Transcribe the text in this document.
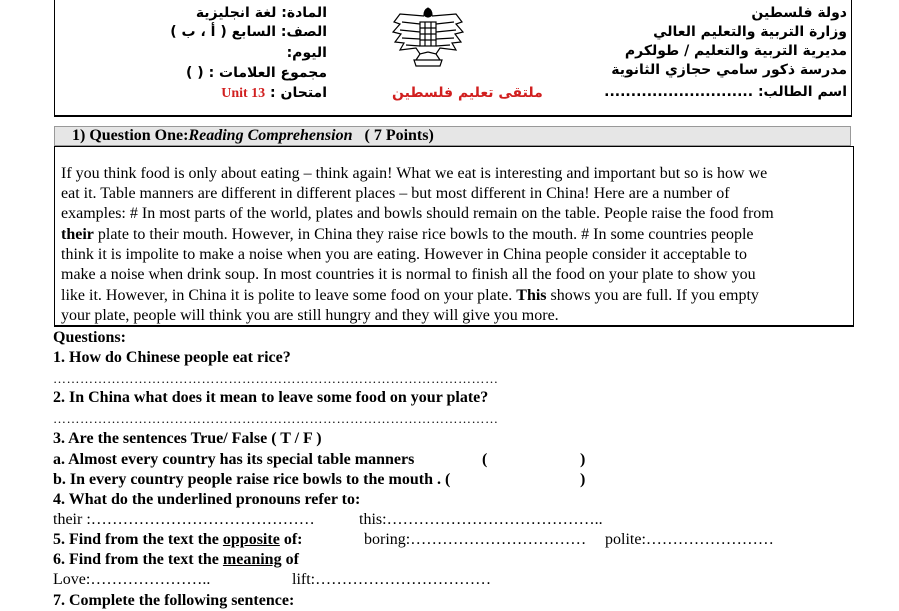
دولة فلسطين
وزارة التربية والتعليم العالي
مديرية التربية والتعليم / طولكرم
مدرسة ذكور سامي حجازي الثانوية
اسم الطالب: ............................
المادة: لغة انجليزية
الصف: السابع ( أ ، ب )
اليوم:
مجموع العلامات : ( )
امتحان : Unit 13	ملتقى تعليم فلسطين
1) Question One:Reading Comprehension ( 7 Points)
If you think food is only about eating – think again! What we eat is interesting and important but so is how we
eat it. Table manners are different in different places – but most different in China! Here are a number of
examples: # In most parts of the world, plates and bowls should remain on the table. People raise the food from
their plate to their mouth. However, in China they raise rice bowls to the mouth. # In some countries people
think it is impolite to make a noise when you are eating. However in China people consider it acceptable to
make a noise when drink soup. In most countries it is normal to finish all the food on your plate to show you
like it. However, in China it is polite to leave some food on your plate. This shows you are full. If you empty
your plate, people will think you are still hungry and they will give you more.
Questions:
1. How do Chinese people eat rice?
………………………………………………………………………………………
2. In China what does it mean to leave some food on your plate?
………………………………………………………………………………………
3. Are the sentences True/ False ( T / F )
a. Almost every country has its special table manners	(	)
b. In every country people raise rice bowls to the mouth . (	)
4. What do the underlined pronouns refer to:
their :……………………………………	this:…………………………………..
5. Find from the text the opposite of:	boring:…………………………… polite:……………………
6. Find from the text the meaning of
Love:…………………..	lift:……………………………
7. Complete the following sentence:
